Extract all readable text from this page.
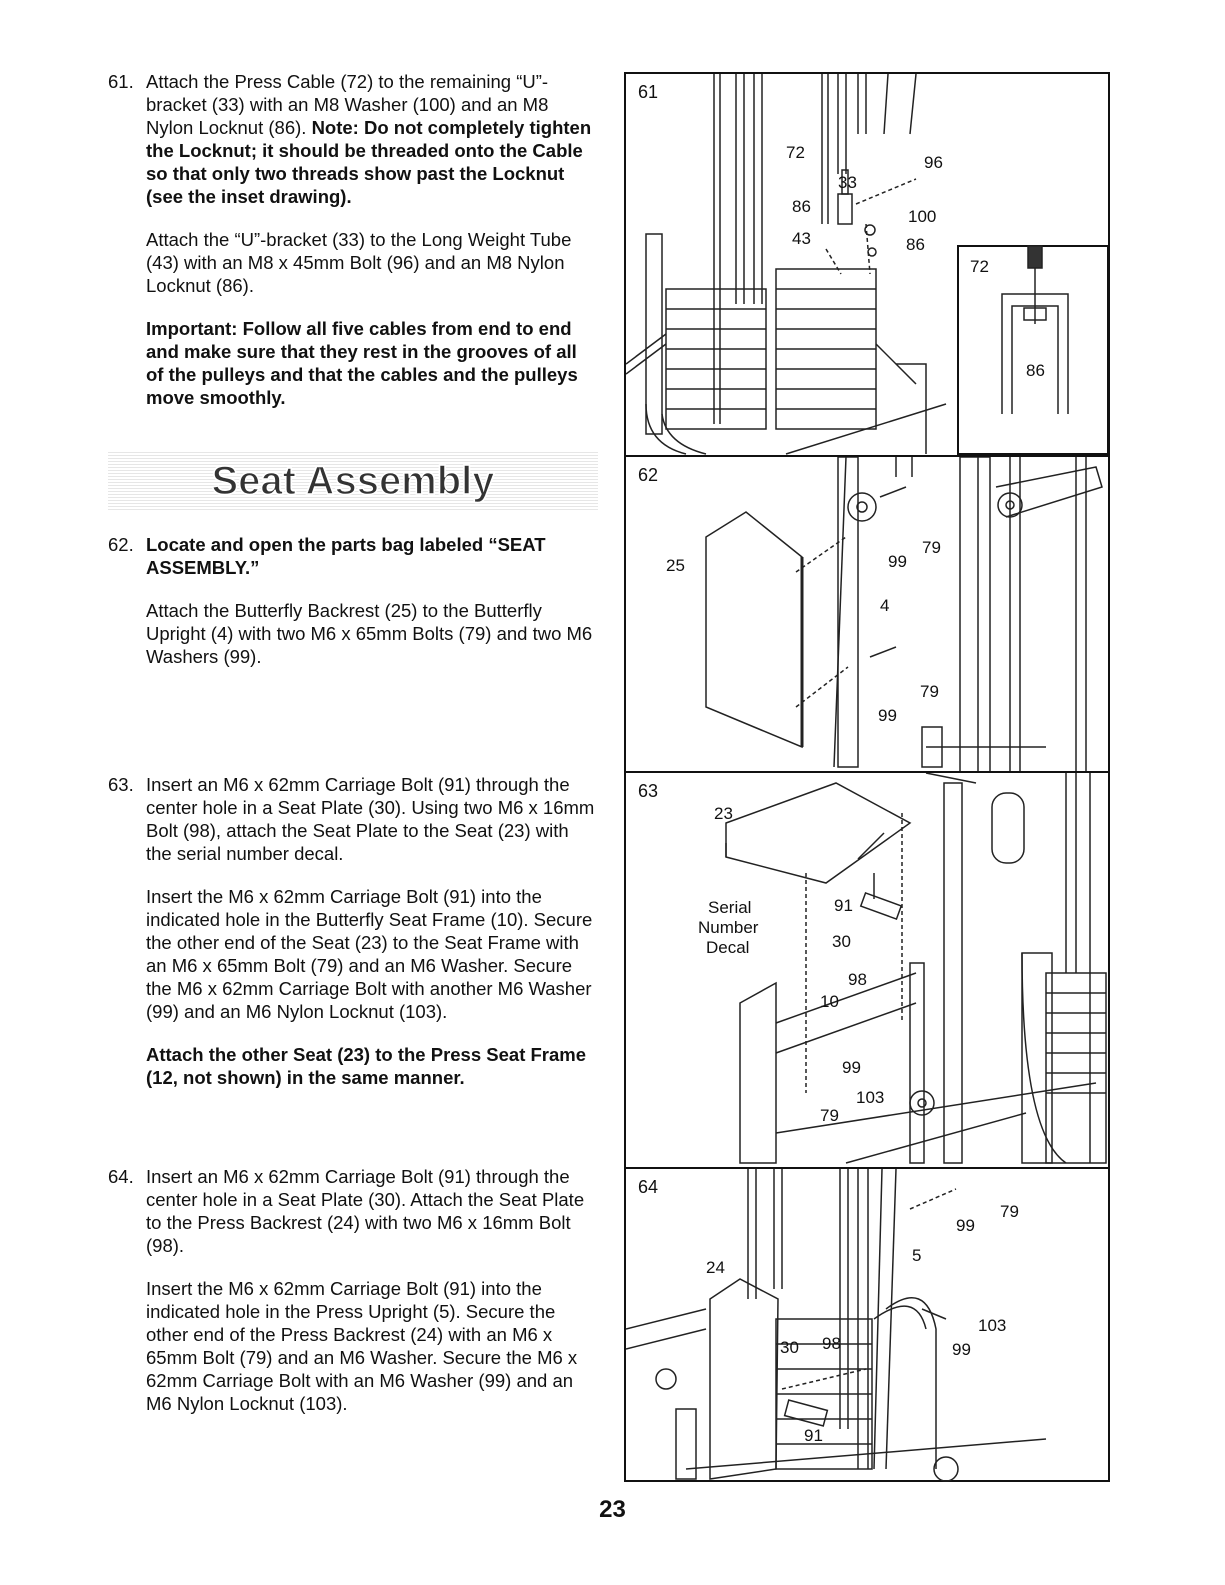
61. Attach the Press Cable (72) to the remaining “U”-bracket (33) with an M8 Washer (100) and an M8 Nylon Locknut (86). Note: Do not completely tighten the Locknut; it should be threaded onto the Cable so that only two threads show past the Locknut (see the inset drawing).

Attach the “U”-bracket (33) to the Long Weight Tube (43) with an M8 x 45mm Bolt (96) and an M8 Nylon Locknut (86).

Important: Follow all five cables from end to end and make sure that they rest in the grooves of all of the pulleys and that the cables and the pulleys move smoothly.

Seat Assembly
62. Locate and open the parts bag labeled “SEAT ASSEMBLY.”

Attach the Butterfly Backrest (25) to the Butterfly Upright (4) with two M6 x 65mm Bolts (79) and two M6 Washers (99).

63. Insert an M6 x 62mm Carriage Bolt (91) through the center hole in a Seat Plate (30). Using two M6 x 16mm Bolt (98), attach the Seat Plate to the Seat (23) with the serial number decal.

Insert the M6 x 62mm Carriage Bolt (91) into the indicated hole in the Butterfly Seat Frame (10). Secure the other end of the Seat (23) to the Seat Frame with an M6 x 65mm Bolt (79) and an M6 Washer. Secure the M6 x 62mm Carriage Bolt with another M6 Washer (99) and an M6 Nylon Locknut (103).

Attach the other Seat (23) to the Press Seat Frame (12, not shown) in the same manner.

64. Insert an M6 x 62mm Carriage Bolt (91) through the center hole in a Seat Plate (30). Attach the Seat Plate to the Press Backrest (24) with two M6 x 16mm Bolt (98).

Insert the M6 x 62mm Carriage Bolt (91) into the indicated hole in the Press Upright (5). Secure the other end of the Press Backrest (24) with an M6 x 65mm Bolt (79) and an M6 Washer. Secure the M6 x 62mm Carriage Bolt with an M6 Washer (99) and an M6 Nylon Locknut (103).

61
72
33
86
43
96
100
86
72
86
62
25	99
79
4
79
99
63
23
Serial
Number
Decal
91
30
98
10
99
103
79
64
24
79
99
5
103
99
30 98
91
23
